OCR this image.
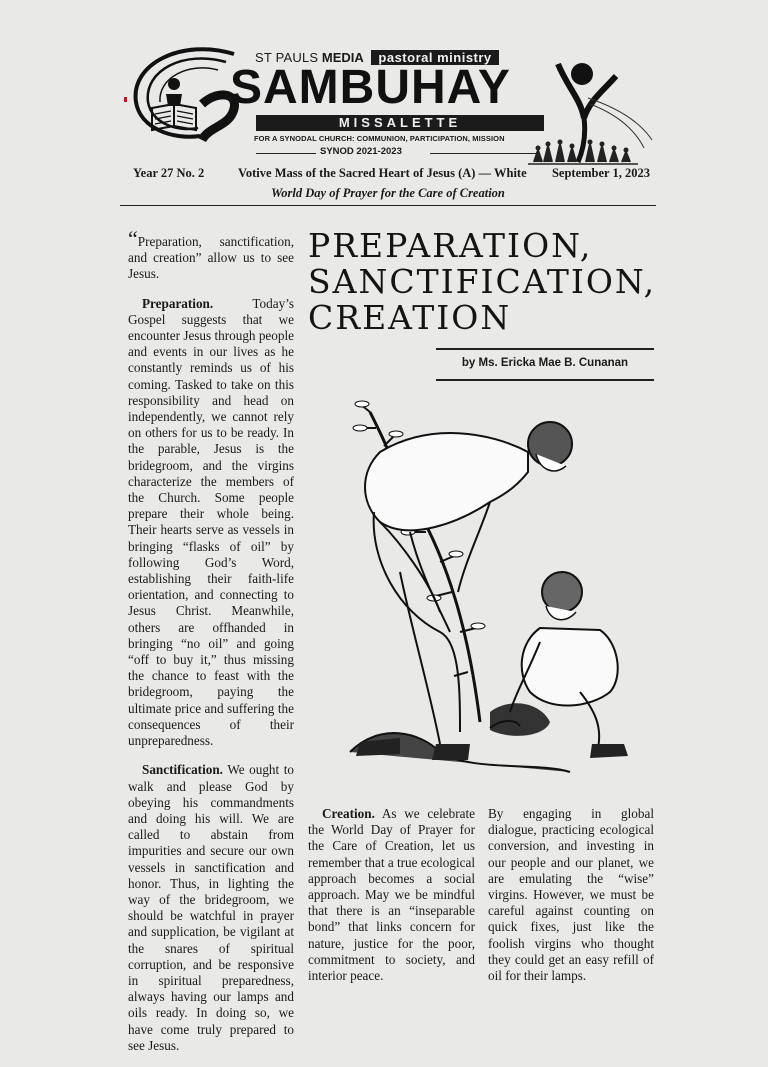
ST PAULS MEDIA pastoral ministry
SAMBUHAY
MISSALETTE
FOR A SYNODAL CHURCH: COMMUNION, PARTICIPATION, MISSION
SYNOD 2021-2023
Year 27 No. 2	Votive Mass of the Sacred Heart of Jesus (A) — White September 1, 2023
World Day of Prayer for the Care of Creation

“Preparation, sanctification, and creation” allow us to see Jesus.

Preparation.	Today’s Gospel suggests that we encounter Jesus through people and events in our lives as he constantly reminds us of his coming. Tasked to take on this responsibility and head on independently, we cannot rely on others for us to be ready. In the parable, Jesus is the bridegroom, and the virgins characterize the members of the Church. Some people prepare their whole being. Their hearts serve as vessels in bringing “flasks of oil” by following God’s Word, establishing their faith-life orientation, and connecting to Jesus Christ. Meanwhile, others are offhanded in bringing “no oil” and going “off to buy it,” thus missing the chance to feast with the bridegroom, paying the ultimate price and suffering the consequences of their unpreparedness.

Sanctification. We ought to walk and please God by obeying his commandments and doing his will. We are called to abstain from impurities and secure our own vessels in sanctification and honor. Thus, in lighting the way of the bridegroom, we should be watchful in prayer and supplication, be vigilant at the snares of spiritual corruption, and be responsive in spiritual preparedness, always having our lamps and oils ready. In doing so, we have come truly prepared to see Jesus.

PREPARATION,
SANCTIFICATION,
CREATION
by Ms. Ericka Mae B. Cunanan

Creation. As we celebrate the World Day of Prayer for the Care of Creation, let us remember that a true ecological approach becomes a social approach. May we be mindful that there is an “inseparable bond” that links concern for nature, justice for the poor, commitment to society, and interior peace.

By engaging in global dialogue, practicing ecological conversion, and investing in our people and our planet, we are emulating the “wise” virgins. However, we must be careful against counting on quick fixes, just like the foolish virgins who thought they could get an easy refill of oil for their lamps.
